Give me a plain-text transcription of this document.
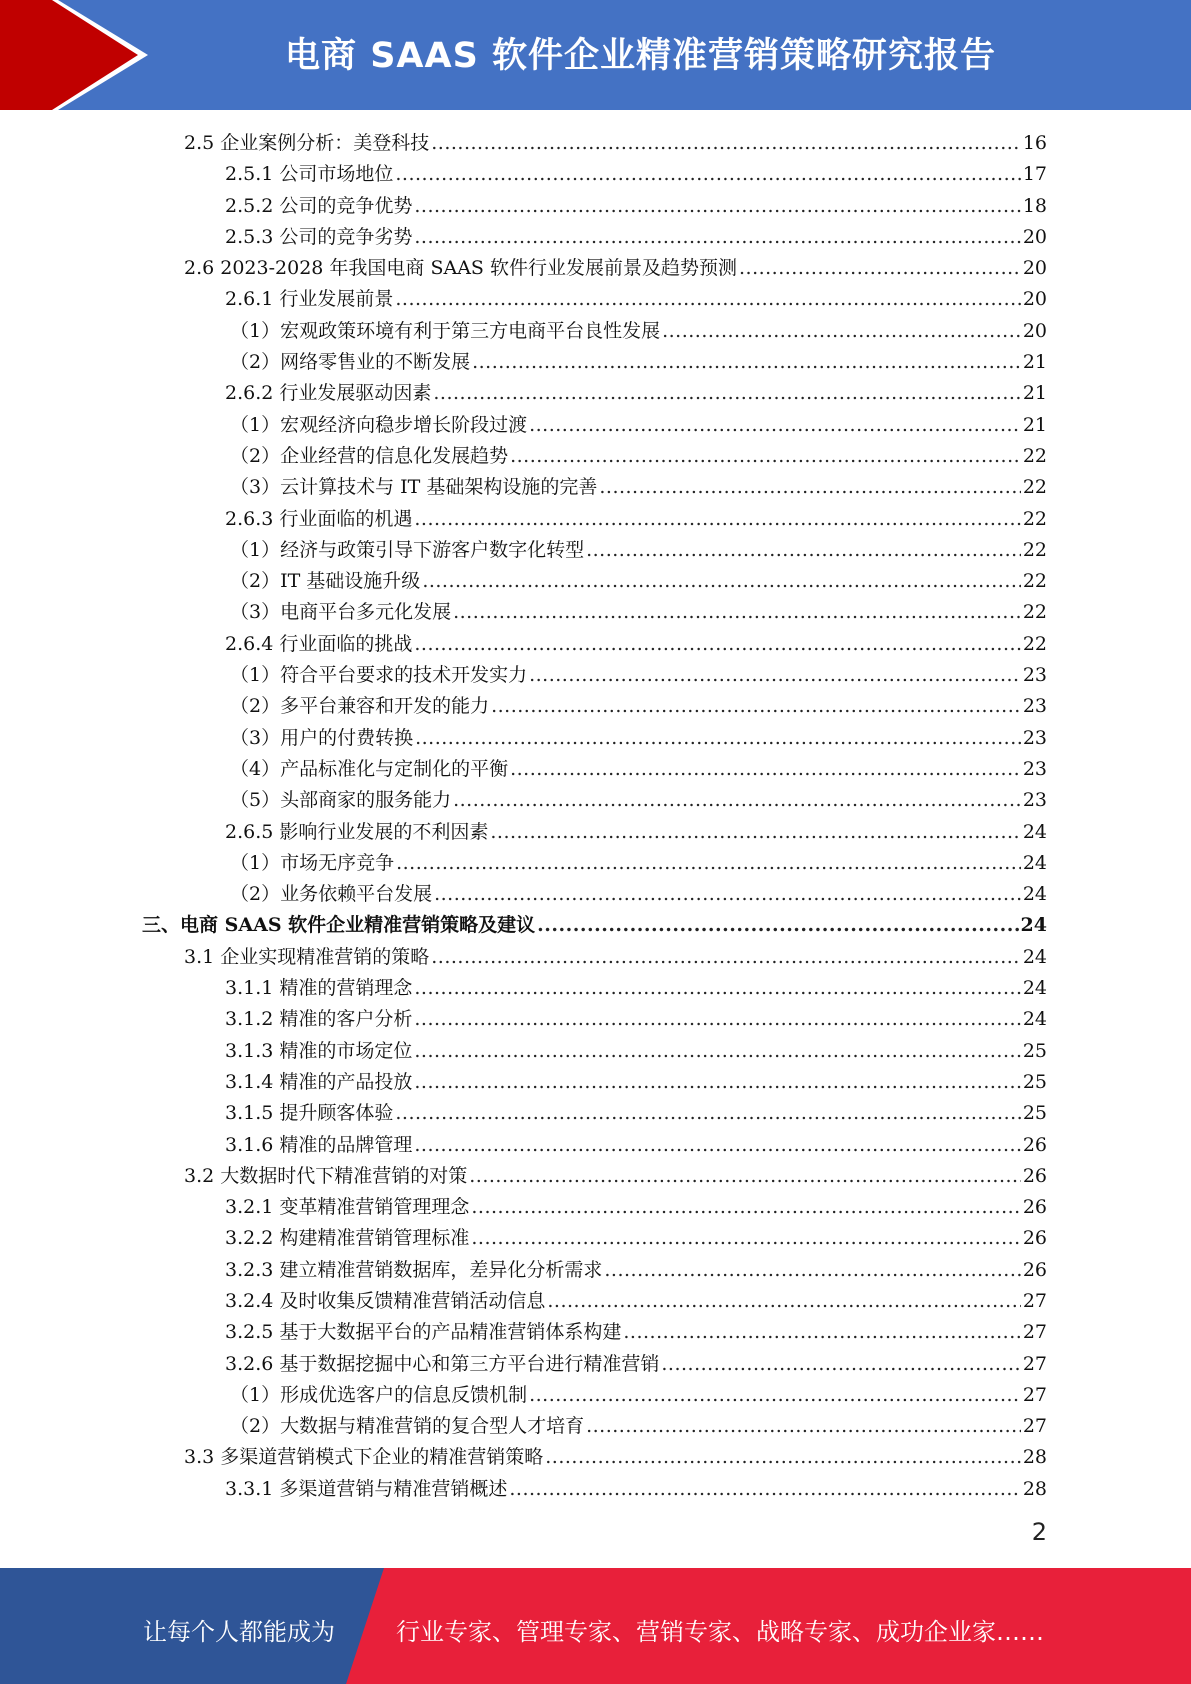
电商 SAAS 软件企业精准营销策略研究报告
2.5 企业案例分析：美登科技 .....	16
2.5.1 公司市场地位 .....	17
2.5.2 公司的竞争优势 .....	18
2.5.3 公司的竞争劣势 .....	20
2.6 2023-2028 年我国电商 SAAS 软件行业发展前景及趋势预测 .....	20
2.6.1 行业发展前景 .....	20
（1）宏观政策环境有利于第三方电商平台良性发展 .....	20
（2）网络零售业的不断发展 .....	21
2.6.2 行业发展驱动因素 .....	21
（1）宏观经济向稳步增长阶段过渡 .....	21
（2）企业经营的信息化发展趋势 .....	22
（3）云计算技术与 IT 基础架构设施的完善 .....	22
2.6.3 行业面临的机遇 .....	22
（1）经济与政策引导下游客户数字化转型 .....	22
（2）IT 基础设施升级 .....	22
（3）电商平台多元化发展 .....	22
2.6.4 行业面临的挑战 .....	22
（1）符合平台要求的技术开发实力 .....	23
（2）多平台兼容和开发的能力 .....	23
（3）用户的付费转换 .....	23
（4）产品标准化与定制化的平衡 .....	23
（5）头部商家的服务能力 .....	23
2.6.5 影响行业发展的不利因素 .....	24
（1）市场无序竞争 .....	24
（2）业务依赖平台发展 .....	24
三、电商 SAAS 软件企业精准营销策略及建议 .....	24
3.1 企业实现精准营销的策略 .....	24
3.1.1 精准的营销理念 .....	24
3.1.2 精准的客户分析 .....	24
3.1.3 精准的市场定位 .....	25
3.1.4 精准的产品投放 .....	25
3.1.5 提升顾客体验 .....	25
3.1.6 精准的品牌管理 .....	26
3.2 大数据时代下精准营销的对策 .....	26
3.2.1 变革精准营销管理理念 .....	26
3.2.2 构建精准营销管理标准 .....	26
3.2.3 建立精准营销数据库，差异化分析需求 .....	26
3.2.4 及时收集反馈精准营销活动信息 .....	27
3.2.5 基于大数据平台的产品精准营销体系构建 .....	27
3.2.6 基于数据挖掘中心和第三方平台进行精准营销 .....	27
（1）形成优选客户的信息反馈机制 .....	27
（2）大数据与精准营销的复合型人才培育 .....	27
3.3 多渠道营销模式下企业的精准营销策略 .....	28
3.3.1 多渠道营销与精准营销概述 .....	28
2
让每个人都能成为	行业专家、管理专家、营销专家、战略专家、成功企业家……
